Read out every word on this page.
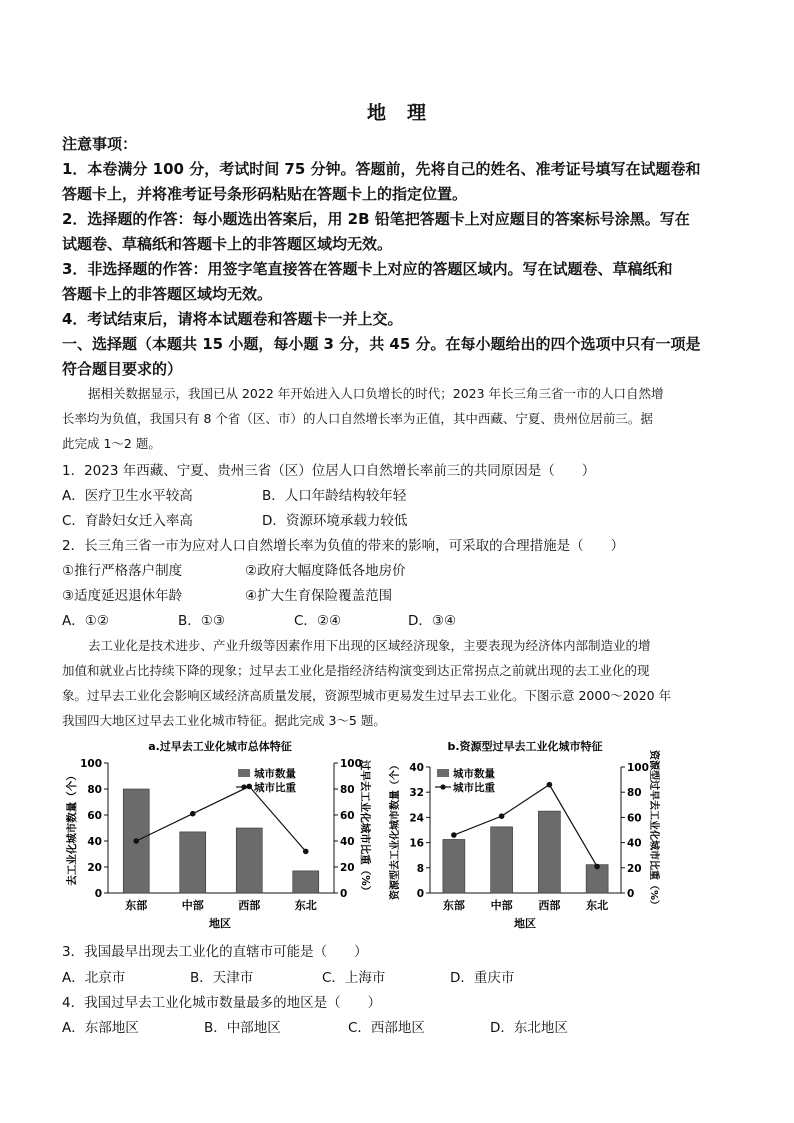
地　理
注意事项：
1．本卷满分 100 分，考试时间 75 分钟。答题前，先将自己的姓名、准考证号填写在试题卷和
答题卡上，并将准考证号条形码粘贴在答题卡上的指定位置。
2．选择题的作答：每小题选出答案后，用 2B 铅笔把答题卡上对应题目的答案标号涂黑。写在
试题卷、草稿纸和答题卡上的非答题区域均无效。
3．非选择题的作答：用签字笔直接答在答题卡上对应的答题区域内。写在试题卷、草稿纸和
答题卡上的非答题区域均无效。
4．考试结束后，请将本试题卷和答题卡一并上交。
一、选择题（本题共 15 小题，每小题 3 分，共 45 分。在每小题给出的四个选项中只有一项是
符合题目要求的）
据相关数据显示，我国已从 2022 年开始进入人口负增长的时代；2023 年长三角三省一市的人口自然增
长率均为负值，我国只有 8 个省（区、市）的人口自然增长率为正值，其中西藏、宁夏、贵州位居前三。据
此完成 1～2 题。
1．2023 年西藏、宁夏、贵州三省（区）位居人口自然增长率前三的共同原因是（　　）
A．医疗卫生水平较高	B．人口年龄结构较年轻
C．育龄妇女迁入率高	D．资源环境承载力较低
2．长三角三省一市为应对人口自然增长率为负值的带来的影响，可采取的合理措施是（　　）
①推行严格落户制度	②政府大幅度降低各地房价
③适度延迟退休年龄	④扩大生育保险覆盖范围
A．①②	B．①③	C．②④	D．③④
去工业化是技术进步、产业升级等因素作用下出现的区域经济现象，主要表现为经济体内部制造业的增
加值和就业占比持续下降的现象；过早去工业化是指经济结构演变到达正常拐点之前就出现的去工业化的现
象。过早去工业化会影响区域经济高质量发展，资源型城市更易发生过早去工业化。下图示意 2000～2020 年
我国四大地区过早去工业化城市特征。据此完成 3～5 题。
a.过早去工业化城市总体特征
0
20
40
60
80
100
0
20
40
60
80
100
东部	中部	西部	东北
城市数量
城市比重
地区
去工业化城市数量（个）	过早去工业化城市比重（%）
b.资源型过早去工业化城市特征
0
8
16
24
32
40
0
20
40
60
80
100
东部 中部 西部 东北
城市数量
城市比重
地区
资源型去工业化城市数量（个）	资源型过早去工业化城市比重（%）
3．我国最早出现去工业化的直辖市可能是（　　）
A．北京市	B．天津市	C．上海市	D．重庆市
4．我国过早去工业化城市数量最多的地区是（　　）
A．东部地区	B．中部地区	C．西部地区	D．东北地区
